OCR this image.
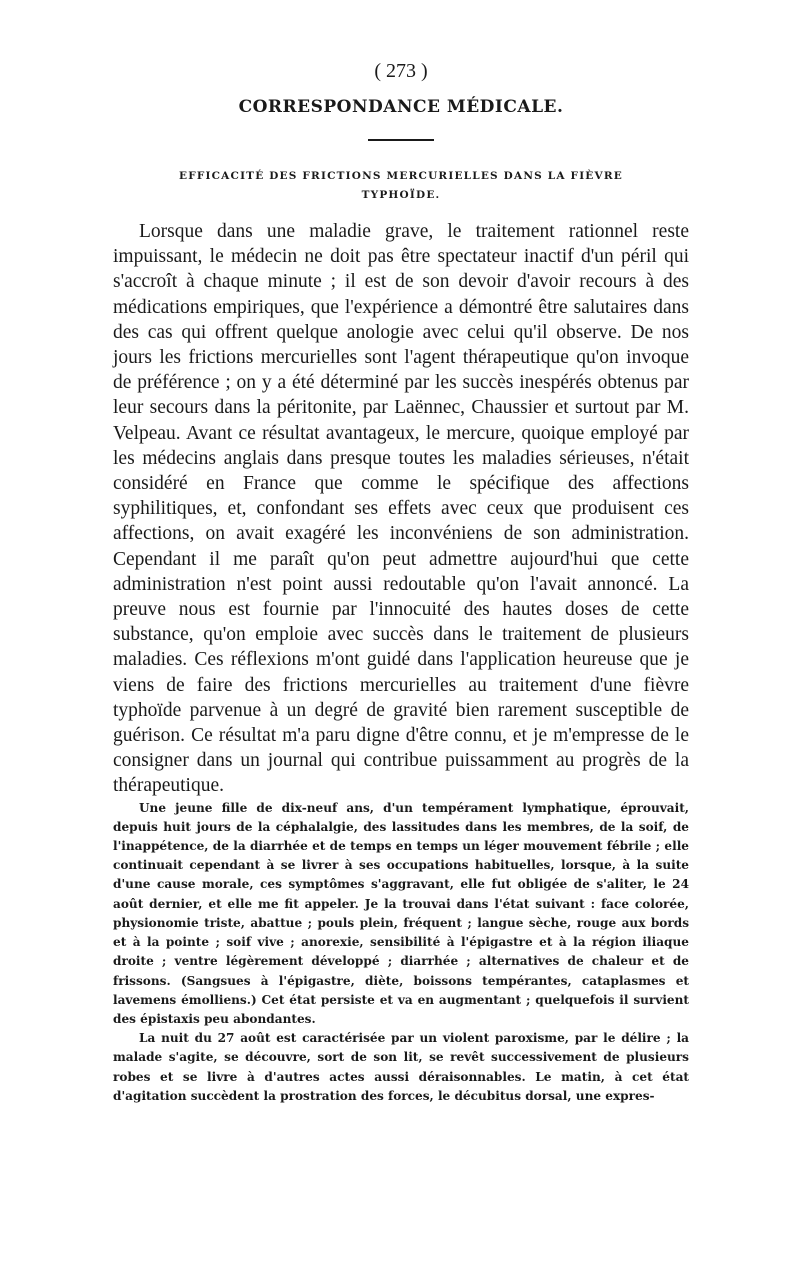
( 273 )
CORRESPONDANCE MÉDICALE.
EFFICACITÉ DES FRICTIONS MERCURIELLES DANS LA FIÈVRE
TYPHOÏDE.

Lorsque dans une maladie grave, le traitement rationnel reste impuissant, le médecin ne doit pas être spectateur inactif d'un péril qui s'accroît à chaque minute ; il est de son devoir d'avoir recours à des médications empiriques, que l'expérience a démontré être salutaires dans des cas qui offrent quelque anologie avec celui qu'il observe. De nos jours les frictions mercurielles sont l'agent thérapeutique qu'on invoque de préférence ; on y a été déterminé par les succès inespérés obtenus par leur secours dans la péritonite, par Laënnec, Chaussier et surtout par M. Velpeau. Avant ce résultat avantageux, le mercure, quoique employé par les médecins anglais dans presque toutes les maladies sérieuses, n'était considéré en France que comme le spécifique des affections syphilitiques, et, confondant ses effets avec ceux que produisent ces affections, on avait exagéré les inconvéniens de son administration. Cependant il me paraît qu'on peut admettre aujourd'hui que cette administration n'est point aussi redoutable qu'on l'avait annoncé. La preuve nous est fournie par l'innocuité des hautes doses de cette substance, qu'on emploie avec succès dans le traitement de plusieurs maladies. Ces réflexions m'ont guidé dans l'application heureuse que je viens de faire des frictions mercurielles au traitement d'une fièvre typhoïde parvenue à un degré de gravité bien rarement susceptible de guérison. Ce résultat m'a paru digne d'être connu, et je m'empresse de le consigner dans un journal qui contribue puissamment au progrès de la thérapeutique.

Une jeune fille de dix-neuf ans, d'un tempérament lymphatique, éprouvait, depuis huit jours de la céphalalgie, des lassitudes dans les membres, de la soif, de l'inappétence, de la diarrhée et de temps en temps un léger mouvement fébrile ; elle continuait cependant à se livrer à ses occupations habituelles, lorsque, à la suite d'une cause morale, ces symptômes s'aggravant, elle fut obligée de s'aliter, le 24 août dernier, et elle me fit appeler. Je la trouvai dans l'état suivant : face colorée, physionomie triste, abattue ; pouls plein, fréquent ; langue sèche, rouge aux bords et à la pointe ; soif vive ; anorexie, sensibilité à l'épigastre et à la région iliaque droite ; ventre légèrement développé ; diarrhée ; alternatives de chaleur et de frissons. (Sangsues à l'épigastre, diète, boissons tempérantes, cataplasmes et lavemens émolliens.) Cet état persiste et va en augmentant ; quelquefois il survient des épistaxis peu abondantes.

La nuit du 27 août est caractérisée par un violent paroxisme, par le délire ; la malade s'agite, se découvre, sort de son lit, se revêt successivement de plusieurs robes et se livre à d'autres actes aussi déraisonnables. Le matin, à cet état d'agitation succèdent la prostration des forces, le décubitus dorsal, une expres-
